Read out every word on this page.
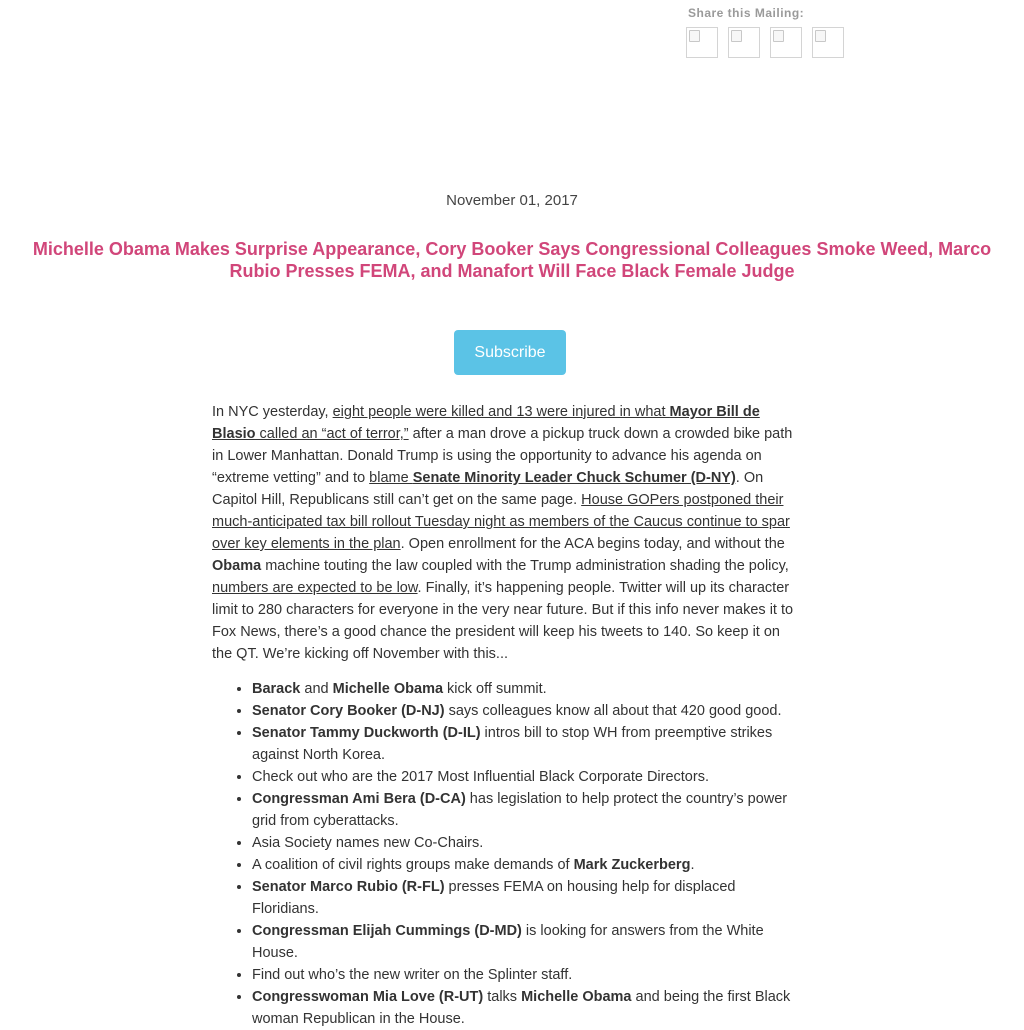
Share this Mailing:
November 01, 2017
Michelle Obama Makes Surprise Appearance, Cory Booker Says Congressional Colleagues Smoke Weed, Marco Rubio Presses FEMA, and Manafort Will Face Black Female Judge
Subscribe

In NYC yesterday, eight people were killed and 13 were injured in what Mayor Bill de Blasio called an “act of terror,” after a man drove a pickup truck down a crowded bike path in Lower Manhattan. Donald Trump is using the opportunity to advance his agenda on “extreme vetting” and to blame Senate Minority Leader Chuck Schumer (D-NY). On Capitol Hill, Republicans still can’t get on the same page. House GOPers postponed their much-anticipated tax bill rollout Tuesday night as members of the Caucus continue to spar over key elements in the plan. Open enrollment for the ACA begins today, and without the Obama machine touting the law coupled with the Trump administration shading the policy, numbers are expected to be low. Finally, it’s happening people. Twitter will up its character limit to 280 characters for everyone in the very near future. But if this info never makes it to Fox News, there’s a good chance the president will keep his tweets to 140. So keep it on the QT. We’re kicking off November with this...

• Barack and Michelle Obama kick off summit.
• Senator Cory Booker (D-NJ) says colleagues know all about that 420 good good.
• Senator Tammy Duckworth (D-IL) intros bill to stop WH from preemptive strikes against North Korea.
• Check out who are the 2017 Most Influential Black Corporate Directors.
• Congressman Ami Bera (D-CA) has legislation to help protect the country’s power grid from cyberattacks.
• Asia Society names new Co-Chairs.
• A coalition of civil rights groups make demands of Mark Zuckerberg.
• Senator Marco Rubio (R-FL) presses FEMA on housing help for displaced Floridians.
• Congressman Elijah Cummings (D-MD) is looking for answers from the White House.
• Find out who’s the new writer on the Splinter staff.
• Congresswoman Mia Love (R-UT) talks Michelle Obama and being the first Black woman Republican in the House.
